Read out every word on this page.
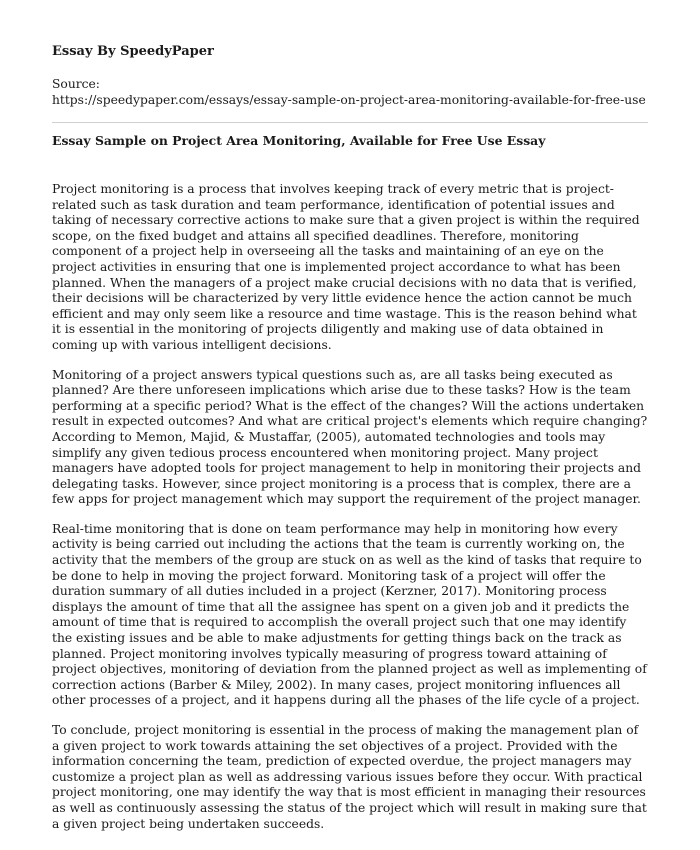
Essay By SpeedyPaper

Source:

https://speedypaper.com/essays/essay-sample-on-project-area-monitoring-available-for-free-use

Essay Sample on Project Area Monitoring, Available for Free Use Essay

Project monitoring is a process that involves keeping track of every metric that is project-related such as task duration and team performance, identification of potential issues and taking of necessary corrective actions to make sure that a given project is within the required scope, on the fixed budget and attains all specified deadlines. Therefore, monitoring component of a project help in overseeing all the tasks and maintaining of an eye on the project activities in ensuring that one is implemented project accordance to what has been planned. When the managers of a project make crucial decisions with no data that is verified, their decisions will be characterized by very little evidence hence the action cannot be much efficient and may only seem like a resource and time wastage. This is the reason behind what it is essential in the monitoring of projects diligently and making use of data obtained in coming up with various intelligent decisions.

Monitoring of a project answers typical questions such as, are all tasks being executed as planned? Are there unforeseen implications which arise due to these tasks? How is the team performing at a specific period? What is the effect of the changes? Will the actions undertaken result in expected outcomes? And what are critical project's elements which require changing? According to Memon, Majid, & Mustaffar, (2005), automated technologies and tools may simplify any given tedious process encountered when monitoring project. Many project managers have adopted tools for project management to help in monitoring their projects and delegating tasks. However, since project monitoring is a process that is complex, there are a few apps for project management which may support the requirement of the project manager.

Real-time monitoring that is done on team performance may help in monitoring how every activity is being carried out including the actions that the team is currently working on, the activity that the members of the group are stuck on as well as the kind of tasks that require to be done to help in moving the project forward. Monitoring task of a project will offer the duration summary of all duties included in a project (Kerzner, 2017). Monitoring process displays the amount of time that all the assignee has spent on a given job and it predicts the amount of time that is required to accomplish the overall project such that one may identify the existing issues and be able to make adjustments for getting things back on the track as planned. Project monitoring involves typically measuring of progress toward attaining of project objectives, monitoring of deviation from the planned project as well as implementing of correction actions (Barber & Miley, 2002). In many cases, project monitoring influences all other processes of a project, and it happens during all the phases of the life cycle of a project.

To conclude, project monitoring is essential in the process of making the management plan of a given project to work towards attaining the set objectives of a project. Provided with the information concerning the team, prediction of expected overdue, the project managers may customize a project plan as well as addressing various issues before they occur. With practical project monitoring, one may identify the way that is most efficient in managing their resources as well as continuously assessing the status of the project which will result in making sure that a given project being undertaken succeeds.
